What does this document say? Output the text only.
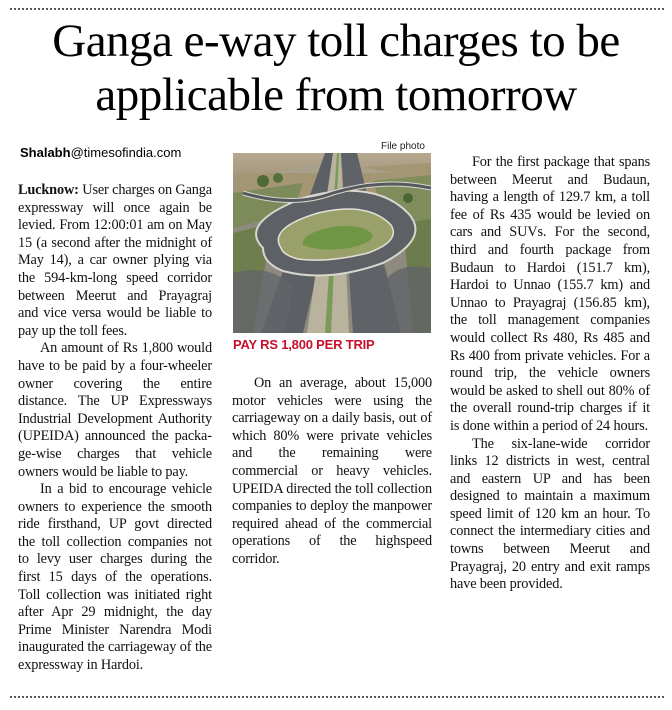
Ganga e-way toll charges to be applicable from tomorrow
Shalabh@timesofindia.com	File photo
PAY RS 1,800 PER TRIP

Lucknow: User charges on Ganga expressway will once again be levied. From 12:00:01 am on May 15 (a second after the midnight of May 14), a car owner plying via the 594-km-long speed corridor between Meerut and Prayagraj and vice versa would be liable to pay up the toll fees.

An amount of Rs 1,800 would have to be paid by a four-wheeler owner covering the entire distance. The UP Expressways Industrial Development Authority (UPEIDA) announced the package-wise charges that vehicle owners would be liable to pay.

In a bid to encourage vehicle owners to experience the smooth ride firsthand, UP govt directed the toll collection companies not to levy user charges during the first 15 days of the operations. Toll collection was initiated right after Apr 29 midnight, the day Prime Minister Narendra Modi inaugurated the carriageway of the expressway in Hardoi.

On an average, about 15,000 motor vehicles were using the carriageway on a daily basis, out of which 80% were private vehicles and the remaining were commercial or heavy vehicles. UPEIDA directed the toll collection companies to deploy the manpower required ahead of the commercial operations of the highspeed corridor.

For the first package that spans between Meerut and Budaun, having a length of 129.7 km, a toll fee of Rs 435 would be levied on cars and SUVs. For the second, third and fourth package from Budaun to Hardoi (151.7 km), Hardoi to Unnao (155.7 km) and Unnao to Prayagraj (156.85 km), the toll management companies would collect Rs 480, Rs 485 and Rs 400 from private vehicles. For a round trip, the vehicle owners would be asked to shell out 80% of the overall round-trip charges if it is done within a period of 24 hours.

The six-lane-wide corridor links 12 districts in west, central and eastern UP and has been designed to maintain a maximum speed limit of 120 km an hour. To connect the intermediary cities and towns between Meerut and Prayagraj, 20 entry and exit ramps have been provided.
